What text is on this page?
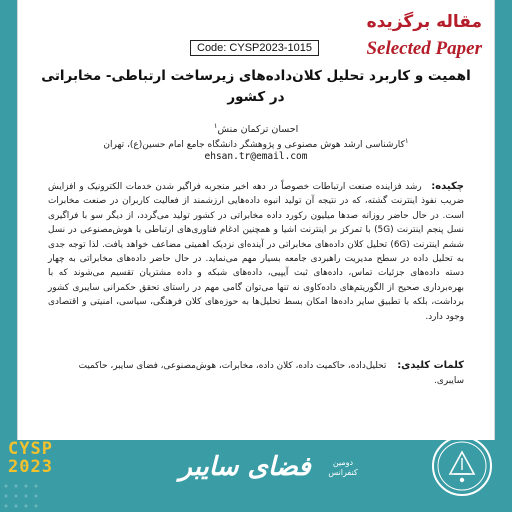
مقاله برگزیده
Selected Paper
Code: CYSP2023-1015
اهمیت و کاربرد تحلیل کلان‌داده‌های زیرساخت ارتباطی- مخابراتی
در کشور
احسان ترکمان منش$^۱$
$^۱$کارشناسی ارشد هوش مصنوعی و پژوهشگر دانشگاه جامع امام حسین(ع)، تهران
ehsan.tr@email.com
چکیده: رشد فزاینده صنعت ارتباطات خصوصاً در دهه اخیر منجربه فراگیر شدن خدمات الکترونیک و افزایش ضریب نفوذ اینترنت گشته، که در نتیجه آن تولید انبوه داده‌هایی ارزشمند از فعالیت کاربران در صنعت مخابرات است. در حال حاضر روزانه صدها میلیون رکورد داده مخابراتی در کشور تولید می‌گردد، از دیگر سو با فراگیری نسل پنجم اینترنت (5G) با تمرکز بر اینترنت اشیا و همچنین ادغام فناوری‌های ارتباطی با هوش‌مصنوعی در نسل ششم اینترنت (6G) تحلیل کلان داده‌های مخابراتی در آینده‌ای نزدیک اهمیتی مضاعف خواهد یافت. لذا توجه جدی به تحلیل داده در سطح مدیریت راهبردی جامعه بسیار مهم می‌نماید. در حال حاضر داده‌های مخابراتی به چهار دسته داده‌های جزئیات تماس، داده‌های ثبت آیپیی، داده‌های شبکه و داده مشتریان تقسیم می‌شوند که با بهره‌برداری صحیح از الگوریتم‌های داده‌کاوی نه تنها می‌توان گامی مهم در راستای تحقق حکمرانی سایبری کشور برداشت، بلکه با تطبیق سایر داده‌ها امکان بسط تحلیل‌ها به حوزه‌های کلان فرهنگی، سیاسی، امنیتی و اقتصادی وجود دارد.
کلمات کلیدی: تحلیل‌داده، حاکمیت داده، کلان داده، مخابرات، هوش‌مصنوعی، فضای سایبر، حاکمیت سایبری.
CYSP
2023	فضای سایبر	دومین
کنفرانس
